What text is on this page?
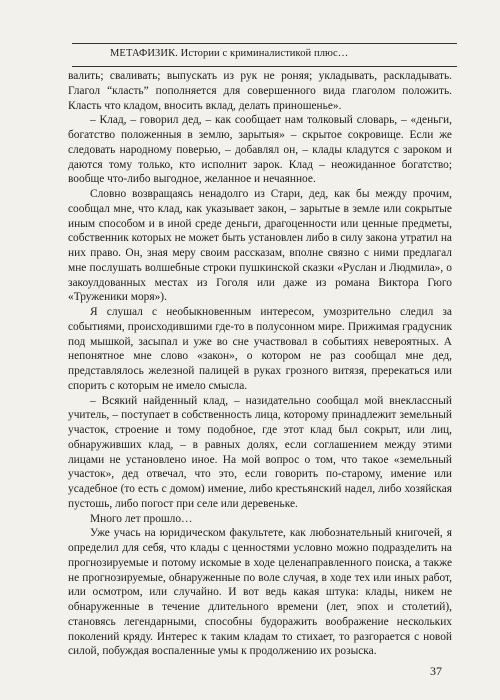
МЕТАФИЗИК. Истории с криминалистикой плюс…

валить; сваливать; выпускать из рук не роняя; укладывать, раскладывать. Глагол “класть” пополняется для совершенного вида глаголом положить. Класть что кладом, вносить вклад, делать приношенье».

– Клад, – говорил дед, – как сообщает нам толковый словарь, – «деньги, богатство положенныя в землю, зарытыя» – скрытое сокровище. Если же следовать народному поверью, – добавлял он, – клады кладутся с зароком и даются тому только, кто исполнит зарок. Клад – неожиданное богатство; вообще что-либо выгодное, желанное и нечаянное.

Словно возвращаясь ненадолго из Стари, дед, как бы между прочим, сообщал мне, что клад, как указывает закон, – зарытые в земле или сокрытые иным способом и в иной среде деньги, драгоценности или ценные предметы, собственник которых не может быть установлен либо в силу закона утратил на них право. Он, зная меру своим рассказам, вполне связно с ними предлагал мне послушать волшебные строки пушкинской сказки «Руслан и Людмила», о закоулдованных местах из Гоголя или даже из романа Виктора Гюго «Труженики моря»).

Я слушал с необыкновенным интересом, умозрительно следил за событиями, происходившими где-то в полусонном мире. Прижимая градусник под мышкой, засыпал и уже во сне участвовал в событиях невероятных. А непонятное мне слово «закон», о котором не раз сообщал мне дед, представлялось железной палицей в руках грозного витязя, пререкаться или спорить с которым не имело смысла.

– Всякий найденный клад, – назидательно сообщал мой внеклассный учитель, – поступает в собственность лица, которому принадлежит земельный участок, строение и тому подобное, где этот клад был сокрыт, или лиц, обнаруживших клад, – в равных долях, если соглашением между этими лицами не установлено иное. На мой вопрос о том, что такое «земельный участок», дед отвечал, что это, если говорить по-старому, имение или усадебное (то есть с домом) имение, либо крестьянский надел, либо хозяйская пустошь, либо погост при селе или деревеньке.

Много лет прошло…

Уже учась на юридическом факультете, как любознательный книгочей, я определил для себя, что клады с ценностями условно можно подразделить на прогнозируемые и потому искомые в ходе целенаправленного поиска, а также не прогнозируемые, обнаруженные по воле случая, в ходе тех или иных работ, или осмотром, или случайно. И вот ведь какая штука: клады, никем не обнаруженные в течение длительного времени (лет, эпох и столетий), становясь легендарными, способны будоражить воображение нескольких поколений кряду. Интерес к таким кладам то стихает, то разгорается с новой силой, побуждая воспаленные умы к продолжению их розыска.

37
